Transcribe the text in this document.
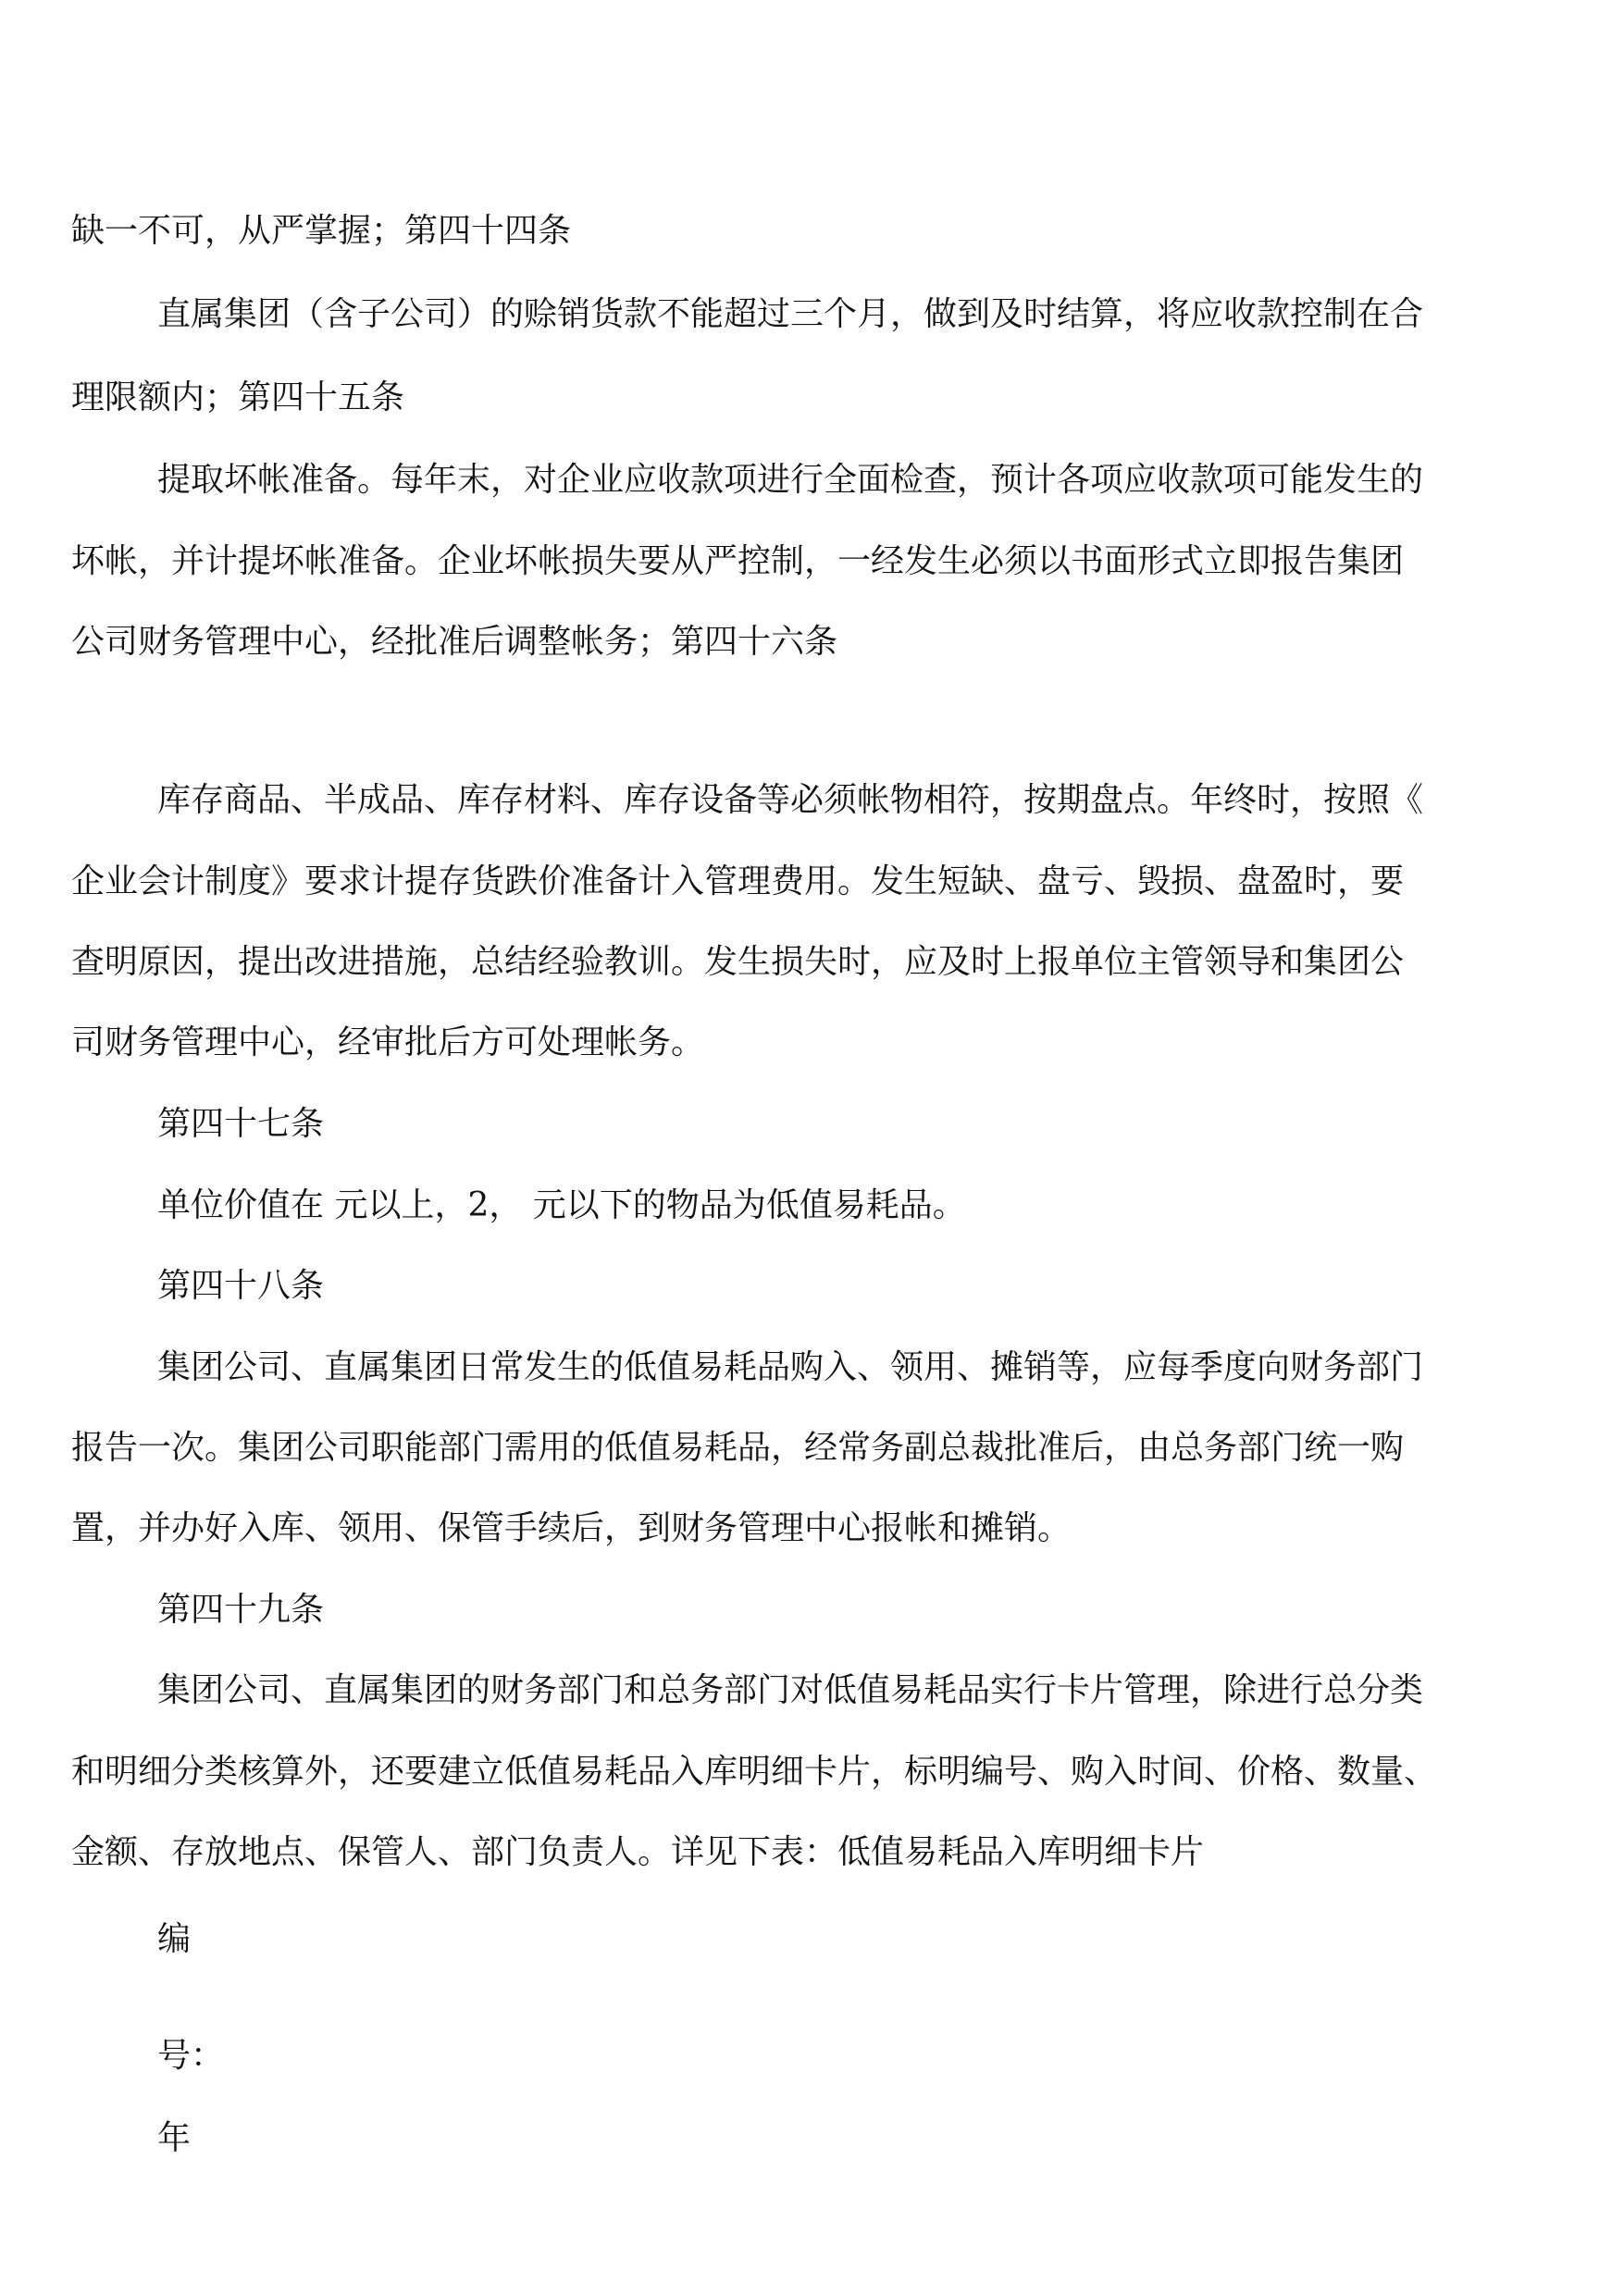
缺一不可，从严掌握；第四十四条
直属集团（含子公司）的赊销货款不能超过三个月，做到及时结算，将应收款控制在合
理限额内；第四十五条
提取坏帐准备。每年末，对企业应收款项进行全面检查，预计各项应收款项可能发生的
坏帐，并计提坏帐准备。企业坏帐损失要从严控制，一经发生必须以书面形式立即报告集团
公司财务管理中心，经批准后调整帐务；第四十六条
库存商品、半成品、库存材料、库存设备等必须帐物相符，按期盘点。年终时，按照《
企业会计制度》要求计提存货跌价准备计入管理费用。发生短缺、盘亏、毁损、盘盈时，要
查明原因，提出改进措施，总结经验教训。发生损失时，应及时上报单位主管领导和集团公
司财务管理中心，经审批后方可处理帐务。
第四十七条
单位价值在 元以上，2， 元以下的物品为低值易耗品。
第四十八条
集团公司、直属集团日常发生的低值易耗品购入、领用、摊销等，应每季度向财务部门
报告一次。集团公司职能部门需用的低值易耗品，经常务副总裁批准后，由总务部门统一购
置，并办好入库、领用、保管手续后，到财务管理中心报帐和摊销。
第四十九条
集团公司、直属集团的财务部门和总务部门对低值易耗品实行卡片管理，除进行总分类
和明细分类核算外，还要建立低值易耗品入库明细卡片，标明编号、购入时间、价格、数量、
金额、存放地点、保管人、部门负责人。详见下表：低值易耗品入库明细卡片
编
号：
年
